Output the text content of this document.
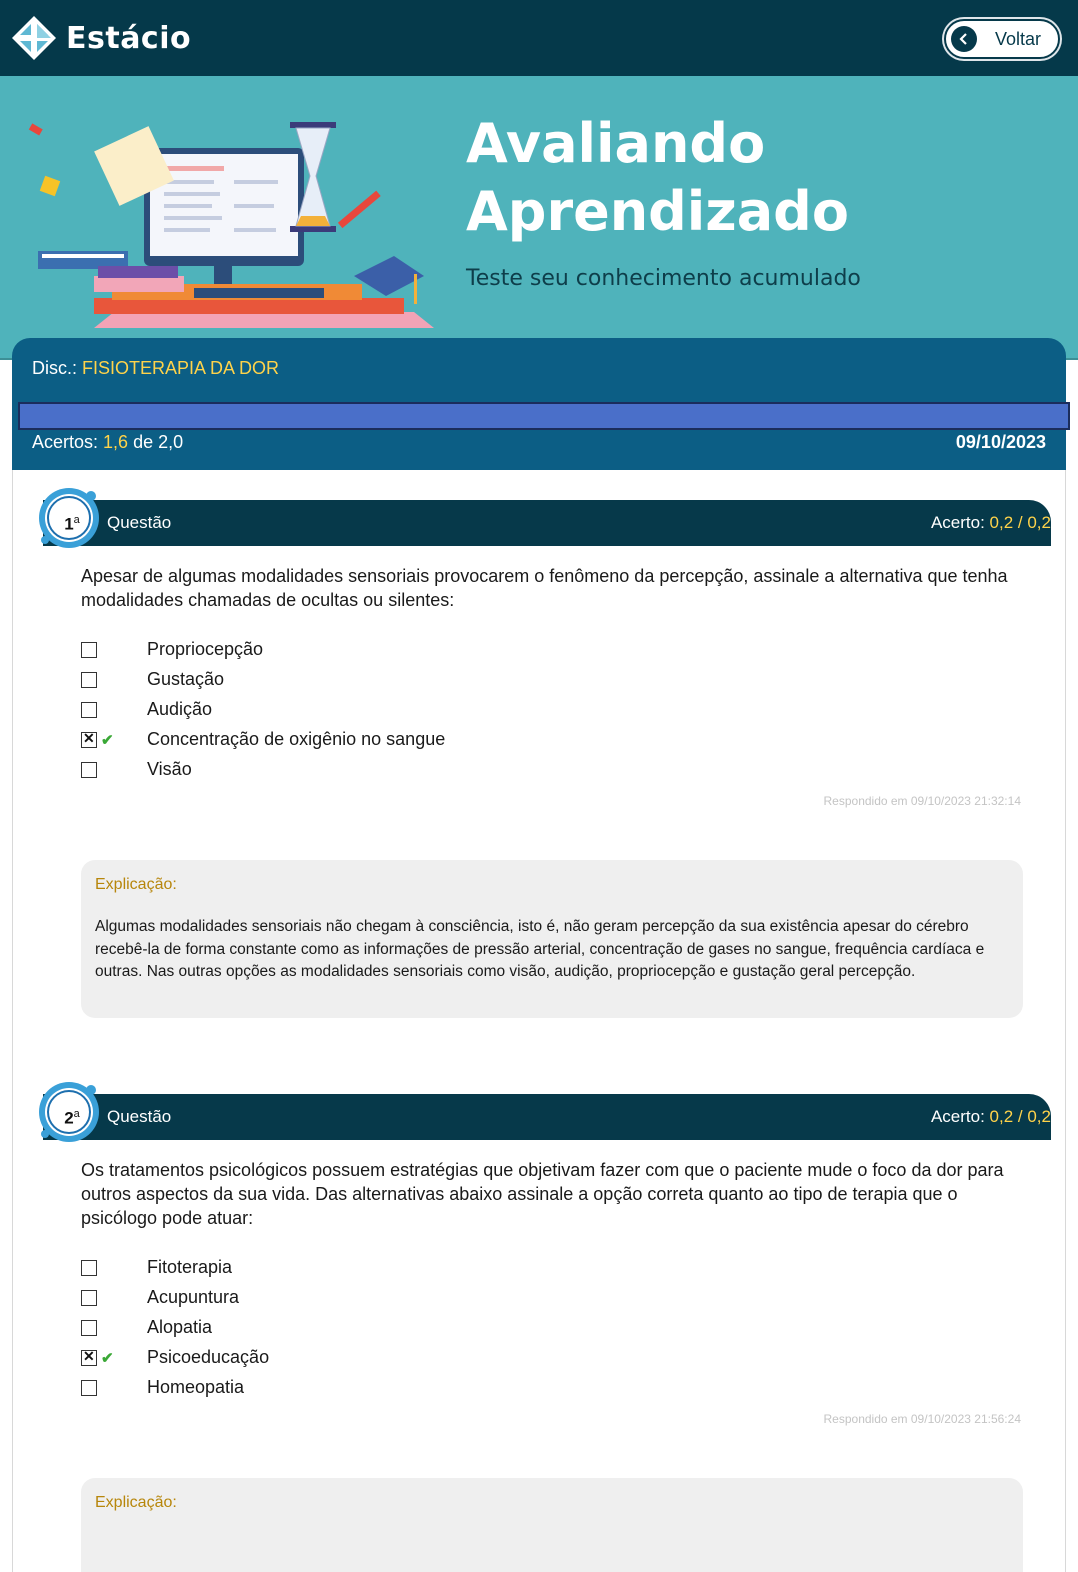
Estácio	Voltar
Avaliando
Aprendizado
Teste seu conhecimento acumulado
Disc.: FISIOTERAPIA DA DOR
Acertos: 1,6 de 2,0	09/10/2023
1$^a$	Questão	Acerto: 0,2 / 0,2
Apesar de algumas modalidades sensoriais provocarem o fenômeno da percepção, assinale a alternativa que tenha modalidades chamadas de ocultas ou silentes:
Propriocepção
Gustação
Audição
✕
✔	Concentração de oxigênio no sangue
Visão
Respondido em 09/10/2023 21:32:14
Explicação:
Algumas modalidades sensoriais não chegam à consciência, isto é, não geram percepção da sua existência apesar do cérebro recebê-la de forma constante como as informações de pressão arterial, concentração de gases no sangue, frequência cardíaca e outras. Nas outras opções as modalidades sensoriais como visão, audição, propriocepção e gustação geral percepção.
2$^a$	Questão	Acerto: 0,2 / 0,2
Os tratamentos psicológicos possuem estratégias que objetivam fazer com que o paciente mude o foco da dor para outros aspectos da sua vida. Das alternativas abaixo assinale a opção correta quanto ao tipo de terapia que o psicólogo pode atuar:
Fitoterapia
Acupuntura
Alopatia
✕
✔	Psicoeducação
Homeopatia
Respondido em 09/10/2023 21:56:24
Explicação:
